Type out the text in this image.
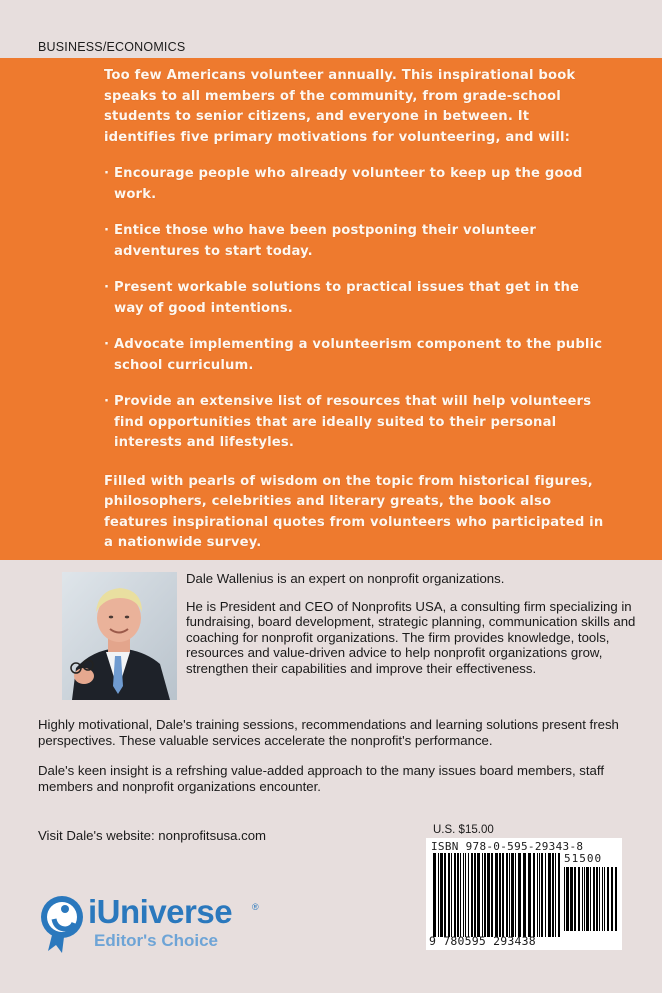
BUSINESS/ECONOMICS

Too few Americans volunteer annually. This inspirational book speaks to all members of the community, from grade-school students to senior citizens, and everyone in between. It identifies five primary motivations for volunteering, and will:

· Encourage people who already volunteer to keep up the good work.

· Entice those who have been postponing their volunteer adventures to start today.

· Present workable solutions to practical issues that get in the way of good intentions.

· Advocate implementing a volunteerism component to the public school curriculum.

· Provide an extensive list of resources that will help volunteers find opportunities that are ideally suited to their personal interests and lifestyles.

Filled with pearls of wisdom on the topic from historical figures, philosophers, celebrities and literary greats, the book also features inspirational quotes from volunteers who participated in a nationwide survey.

Dale Wallenius is an expert on nonprofit organizations.

He is President and CEO of Nonprofits USA, a consulting firm specializing in fundraising, board development, strategic planning, communication skills and coaching for nonprofit organizations. The firm provides knowledge, tools, resources and value-driven advice to help nonprofit organizations grow, strengthen their capabilities and improve their effectiveness.

Highly motivational, Dale's training sessions, recommendations and learning solutions present fresh perspectives. These valuable services accelerate the nonprofit's performance.

Dale's keen insight is a refrshing value-added approach to the many issues board members, staff members and nonprofit organizations encounter.

Visit Dale's website: nonprofitsusa.com	U.S. $15.00
ISBN 978-0-595-29343-8
51500
9 780595 293438
iUniverse ®
Editor's Choice
